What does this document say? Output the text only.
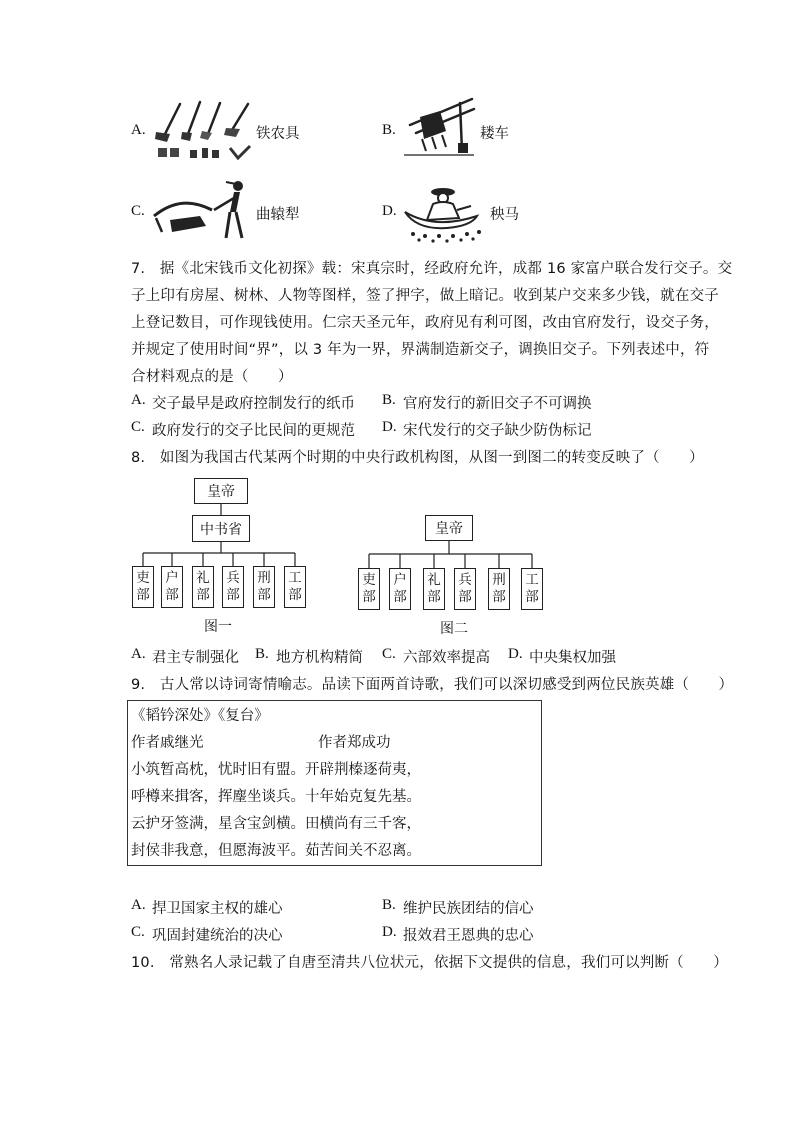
A.	铁农具	B.	耧车
C.	曲辕犁	D.	秧马
7.　据《北宋钱币文化初探》载：宋真宗时，经政府允许，成都 16 家富户联合发行交子。交
子上印有房屋、树林、人物等图样，签了押字，做上暗记。收到某户交来多少钱，就在交子
上登记数目，可作现钱使用。仁宗天圣元年，政府见有利可图，改由官府发行，设交子务，
并规定了使用时间“界”，以 3 年为一界，界满制造新交子，调换旧交子。下列表述中，符
合材料观点的是（　　）
A. 交子最早是政府控制发行的纸币 B. 官府发行的新旧交子不可调换
C. 政府发行的交子比民间的更规范 D. 宋代发行的交子缺少防伪标记
8.　如图为我国古代某两个时期的中央行政机构图，从图一到图二的转变反映了（　　）
皇帝
中书省
吏
部
户
部
礼
部
兵
部
刑
部
工
部
图一
皇帝
吏
部
户
部
礼
部
兵
部
刑
部
工
部
图二
A. 君主专制强化 B. 地方机构精简 C. 六部效率提高 D. 中央集权加强
9.　古人常以诗词寄情喻志。品读下面两首诗歌，我们可以深切感受到两位民族英雄（　　）
《韬钤深处》《复台》
作者戚继光	作者郑成功
小筑暂高枕，忧时旧有盟。开辟荆榛逐荷夷，
呼樽来揖客，挥麈坐谈兵。十年始克复先基。
云护牙签满，星含宝剑横。田横尚有三千客，
封侯非我意，但愿海波平。茹苦间关不忍离。
A. 捍卫国家主权的雄心	B. 维护民族团结的信心
C. 巩固封建统治的决心	D. 报效君王恩典的忠心
10.　常熟名人录记载了自唐至清共八位状元，依据下文提供的信息，我们可以判断（　　）
